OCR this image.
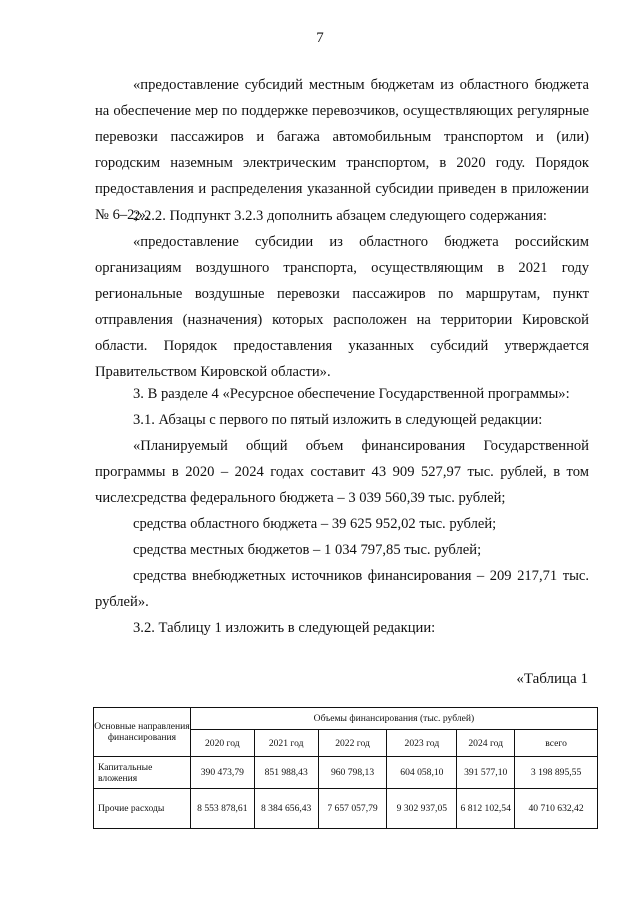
7

«предоставление субсидий местным бюджетам из областного бюджета на обеспечение мер по поддержке перевозчиков, осуществляющих регулярные перевозки пассажиров и багажа автомобильным транспортом и (или) городским наземным электрическим транспортом, в 2020 году. Порядок предоставления и распределения указанной субсидии приведен в приложении № 6–2;».

2.2.2. Подпункт 3.2.3 дополнить абзацем следующего содержания:

«предоставление субсидии из областного бюджета российским организациям воздушного транспорта, осуществляющим в 2021 году региональные воздушные перевозки пассажиров по маршрутам, пункт отправления (назначения) которых расположен на территории Кировской области. Порядок предоставления указанных субсидий утверждается Правительством Кировской области».

3. В разделе 4 «Ресурсное обеспечение Государственной программы»:

3.1. Абзацы с первого по пятый изложить в следующей редакции:

«Планируемый общий объем финансирования Государственной программы в 2020 – 2024 годах составит 43 909 527,97 тыс. рублей, в том числе:

средства федерального бюджета – 3 039 560,39 тыс. рублей;

средства областного бюджета – 39 625 952,02 тыс. рублей;

средства местных бюджетов – 1 034 797,85 тыс. рублей;

средства внебюджетных источников финансирования – 209 217,71 тыс. рублей».

3.2. Таблицу 1 изложить в следующей редакции:

«Таблица 1
Основные направления финансирования	Объемы финансирования (тыс. рублей)					
	2020 год	2021 год	2022 год	2023 год	2024 год	всего
Капитальные вложения	390 473,79	851 988,43	960 798,13	604 058,10	391 577,10	3 198 895,55
Прочие расходы	8 553 878,61	8 384 656,43	7 657 057,79	9 302 937,05	6 812 102,54	40 710 632,42
